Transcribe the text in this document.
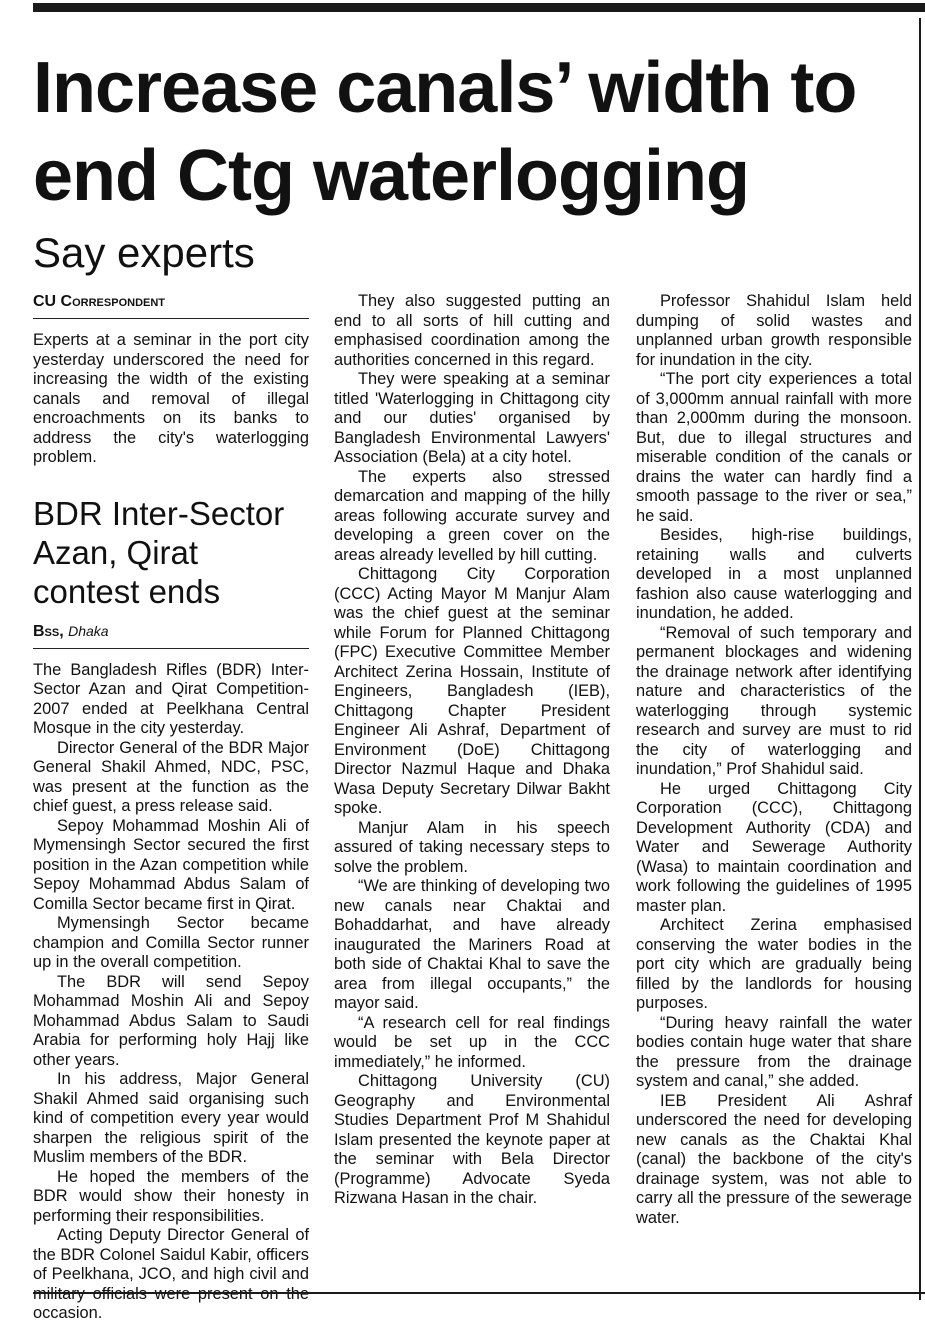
Increase canals’ width to end Ctg waterlogging
Say experts
CU Correspondent

Experts at a seminar in the port city yesterday underscored the need for increasing the width of the existing canals and removal of illegal encroachments on its banks to address the city's waterlogging problem.

BDR Inter-Sector Azan, Qirat contest ends
Bss, Dhaka

The Bangladesh Rifles (BDR) Inter-Sector Azan and Qirat Competition-2007 ended at Peelkhana Central Mosque in the city yesterday.

Director General of the BDR Major General Shakil Ahmed, NDC, PSC, was present at the function as the chief guest, a press release said.

Sepoy Mohammad Moshin Ali of Mymensingh Sector secured the first position in the Azan competition while Sepoy Mohammad Abdus Salam of Comilla Sector became first in Qirat.

Mymensingh Sector became champion and Comilla Sector runner up in the overall competition.

The BDR will send Sepoy Mohammad Moshin Ali and Sepoy Mohammad Abdus Salam to Saudi Arabia for performing holy Hajj like other years.

In his address, Major General Shakil Ahmed said organising such kind of competition every year would sharpen the religious spirit of the Muslim members of the BDR.

He hoped the members of the BDR would show their honesty in performing their responsibilities.

Acting Deputy Director General of the BDR Colonel Saidul Kabir, officers of Peelkhana, JCO, and high civil and occasion.

They also suggested putting an end to all sorts of hill cutting and emphasised coordination among the authorities concerned in this regard.

They were speaking at a seminar titled 'Waterlogging in Chittagong city and our duties' organised by Bangladesh Environmental Lawyers' Association (Bela) at a city hotel.

The experts also stressed demarcation and mapping of the hilly areas following accurate survey and developing a green cover on the areas already levelled by hill cutting.

Chittagong City Corporation (CCC) Acting Mayor M Manjur Alam was the chief guest at the seminar while Forum for Planned Chittagong (FPC) Executive Committee Member Architect Zerina Hossain, Institute of Engineers, Bangladesh (IEB), Chittagong Chapter President Engineer Ali Ashraf, Department of Environment (DoE) Chittagong Director Nazmul Haque and Dhaka Wasa Deputy Secretary Dilwar Bakht spoke.

Manjur Alam in his speech assured of taking necessary steps to solve the problem.

“We are thinking of developing two new canals near Chaktai and Bohaddarhat, and have already inaugurated the Mariners Road at both side of Chaktai Khal to save the area from illegal occupants,” the mayor said.

“A research cell for real findings would be set up in the CCC immediately,” he informed.

Chittagong University (CU) Geography and Environmental Studies Department Prof M Shahidul Islam presented the keynote paper at the seminar with Bela Director (Programme) Advocate Syeda Rizwana Hasan in the chair.

Professor Shahidul Islam held dumping of solid wastes and unplanned urban growth responsible for inundation in the city.

“The port city experiences a total of 3,000mm annual rainfall with more than 2,000mm during the monsoon. But, due to illegal structures and miserable condition of the canals or drains the water can hardly find a smooth passage to the river or sea,” he said.

Besides, high-rise buildings, retaining walls and culverts developed in a most unplanned fashion also cause waterlogging and inundation, he added.

“Removal of such temporary and permanent blockages and widening the drainage network after identifying nature and characteristics of the waterlogging through systemic research and survey are must to rid the city of waterlogging and inundation,” Prof Shahidul said.

He urged Chittagong City Corporation (CCC), Chittagong Development Authority (CDA) and Water and Sewerage Authority (Wasa) to maintain coordination and work following the guidelines of 1995 master plan.

Architect Zerina emphasised conserving the water bodies in the port city which are gradually being filled by the landlords for housing purposes.

“During heavy rainfall the water bodies contain huge water that share the pressure from the drainage system and canal,” she added.

IEB President Ali Ashraf underscored the need for developing new canals as the Chaktai Khal (canal) the backbone of the city's drainage system, was not able to carry all the pressure of the sewerage water.
